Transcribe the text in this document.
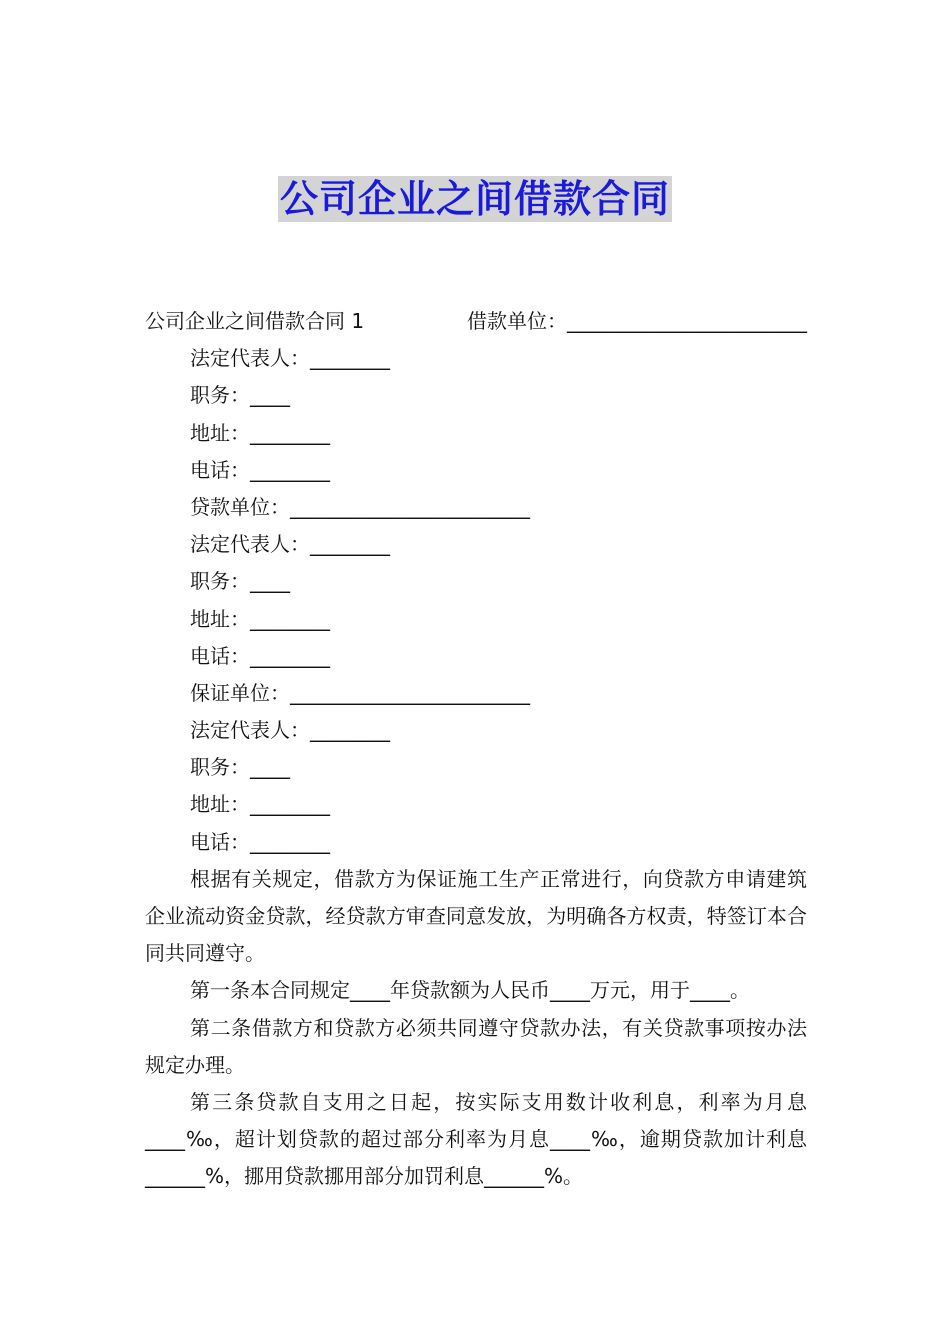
公司企业之间借款合同
公司企业之间借款合同 1	借款单位：________________________
法定代表人：________
职务：____
地址：________
电话：________
贷款单位：________________________
法定代表人：________
职务：____
地址：________
电话：________
保证单位：________________________
法定代表人：________
职务：____
地址：________
电话：________

根据有关规定，借款方为保证施工生产正常进行，向贷款方申请建筑企业流动资金贷款，经贷款方审查同意发放，为明确各方权责，特签订本合同共同遵守。

第一条本合同规定____年贷款额为人民币____万元，用于____。

第二条借款方和贷款方必须共同遵守贷款办法，有关贷款事项按办法规定办理。

第三条贷款自支用之日起，按实际支用数计收利息，利率为月息____‰，超计划贷款的超过部分利率为月息____‰，逾期贷款加计利息______%，挪用贷款挪用部分加罚利息______%。
